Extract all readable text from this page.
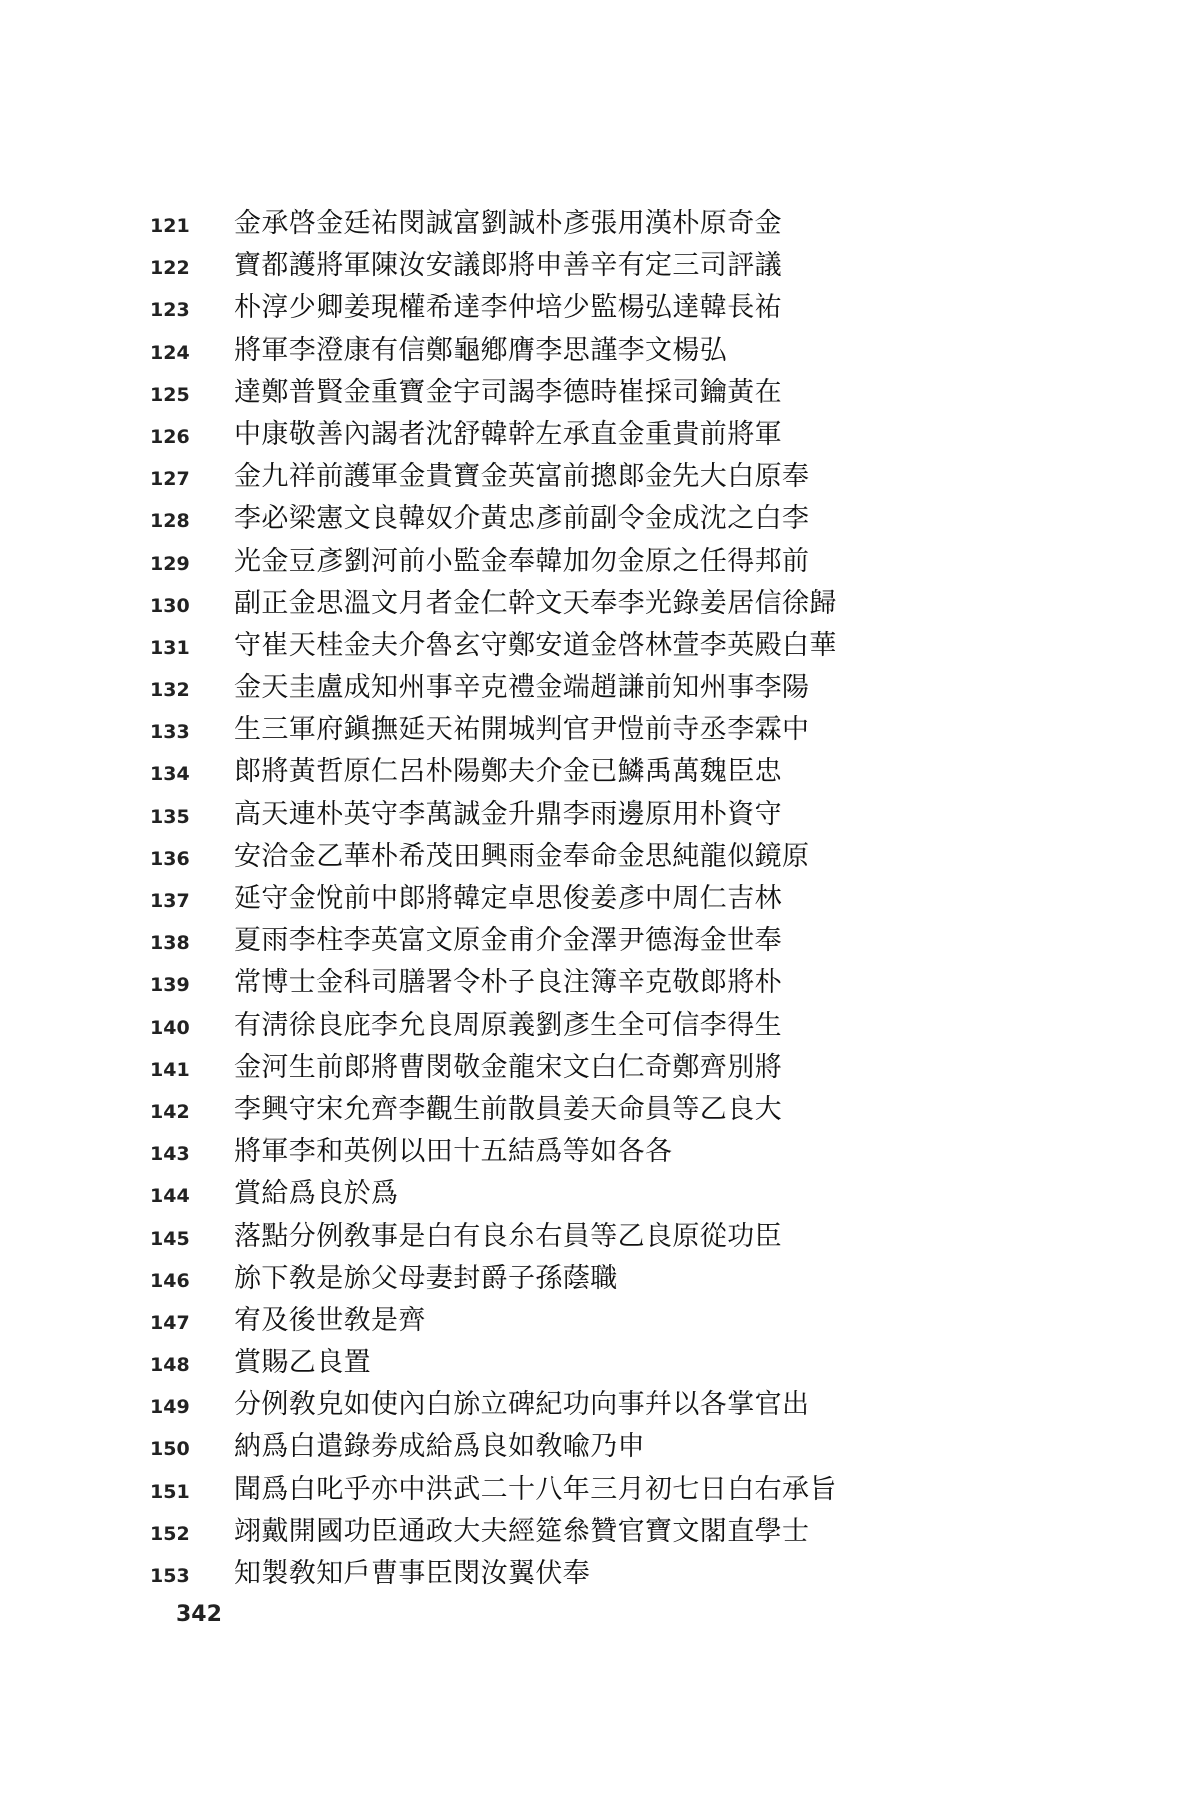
121	金承啓金廷祐閔誠富劉誠朴彥張用漢朴原奇金
122	寶都護將軍陳汝安議郞將申善辛有定三司評議
123	朴淳少卿姜現權希達李仲培少監楊弘達韓長祐
124	將軍李澄康有信鄭龜鄕膺李思謹李文楊弘
125	達鄭普賢金重寶金宇司謁李德時崔採司鑰黃在
126	中康敬善內謁者沈舒韓幹左承直金重貴前將軍
127	金九祥前護軍金貴寶金英富前摠郞金先大白原奉
128	李必梁憲文良韓奴介黃忠彥前副令金成沈之白李
129	光金豆彥劉河前小監金奉韓加勿金原之任得邦前
130	副正金思溫文月者金仁幹文天奉李光錄姜居信徐歸
131	守崔天桂金夫介魯玄守鄭安道金啓林萱李英殿白華
132	金天圭盧成知州事辛克禮金端趙謙前知州事李陽
133	生三軍府鎭撫延天祐開城判官尹愷前寺丞李霖中
134	郞將黃哲原仁呂朴陽鄭夫介金已鱗禹萬魏臣忠
135	高天連朴英守李萬誠金升鼎李雨邊原用朴資守
136	安洽金乙華朴希茂田興雨金奉命金思純龍似鏡原
137	延守金悅前中郞將韓定卓思俊姜彥中周仁吉林
138	夏雨李柱李英富文原金甫介金澤尹德海金世奉
139	常博士金科司膳署令朴子良注簿辛克敬郞將朴
140	有淸徐良庇李允良周原義劉彥生全可信李得生
141	金河生前郞將曹閔敬金龍宋文白仁奇鄭齊別將
142	李興守宋允齊李觀生前散員姜天命員等乙良大
143	將軍李和英例以田十五結爲等如各各
144	賞給爲良於爲
145	落點分例敎事是白有良厼右員等乙良原從功臣
146	旀下敎是旀父母妻封爵子孫蔭職
147	宥及後世敎是齊
148	賞賜乙良置
149	分例敎皃如使內白旀立碑紀功向事幷以各掌官出
150	納爲白遣錄劵成給爲良如敎喩乃申
151	聞爲白叱乎亦中洪武二十八年三月初七日白右承旨
152	翊戴開國功臣通政大夫經筵叅贊官寶文閣直學士
153	知製敎知戶曹事臣閔汝翼伏奉
342
